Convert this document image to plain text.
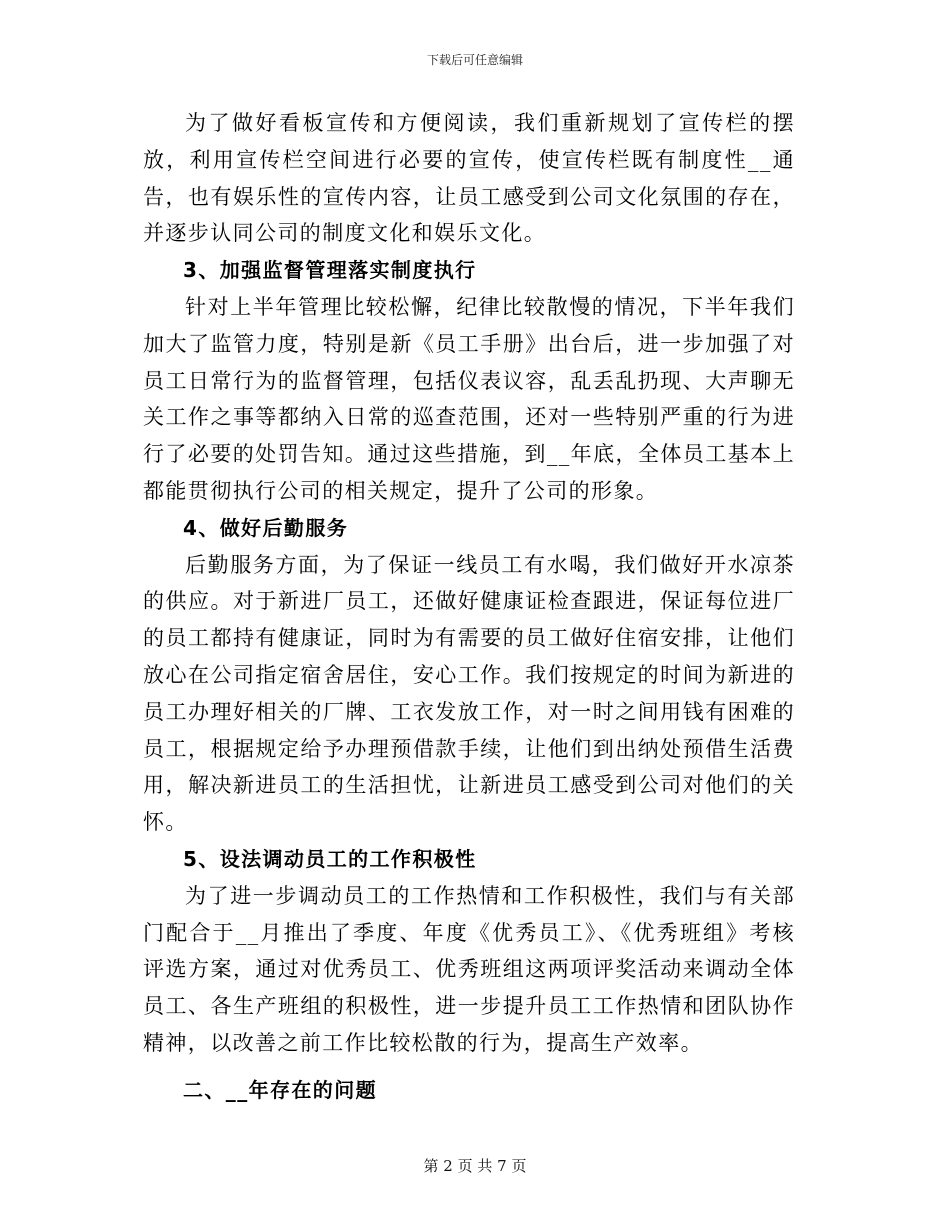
下载后可任意编辑

为了做好看板宣传和方便阅读，我们重新规划了宣传栏的摆放，利用宣传栏空间进行必要的宣传，使宣传栏既有制度性__通告，也有娱乐性的宣传内容，让员工感受到公司文化氛围的存在，并逐步认同公司的制度文化和娱乐文化。

3、加强监督管理落实制度执行

针对上半年管理比较松懈，纪律比较散慢的情况，下半年我们加大了监管力度，特别是新《员工手册》出台后，进一步加强了对员工日常行为的监督管理，包括仪表议容，乱丢乱扔现、大声聊无关工作之事等都纳入日常的巡查范围，还对一些特别严重的行为进行了必要的处罚告知。通过这些措施，到__年底，全体员工基本上都能贯彻执行公司的相关规定，提升了公司的形象。

4、做好后勤服务

后勤服务方面，为了保证一线员工有水喝，我们做好开水凉茶的供应。对于新进厂员工，还做好健康证检查跟进，保证每位进厂的员工都持有健康证，同时为有需要的员工做好住宿安排，让他们放心在公司指定宿舍居住，安心工作。我们按规定的时间为新进的员工办理好相关的厂牌、工衣发放工作，对一时之间用钱有困难的员工，根据规定给予办理预借款手续，让他们到出纳处预借生活费用，解决新进员工的生活担忧，让新进员工感受到公司对他们的关怀。

5、设法调动员工的工作积极性

为了进一步调动员工的工作热情和工作积极性，我们与有关部门配合于__月推出了季度、年度《优秀员工》、《优秀班组》考核评选方案，通过对优秀员工、优秀班组这两项评奖活动来调动全体员工、各生产班组的积极性，进一步提升员工工作热情和团队协作精神，以改善之前工作比较松散的行为，提高生产效率。

二、__年存在的问题

第 2 页 共 7 页
